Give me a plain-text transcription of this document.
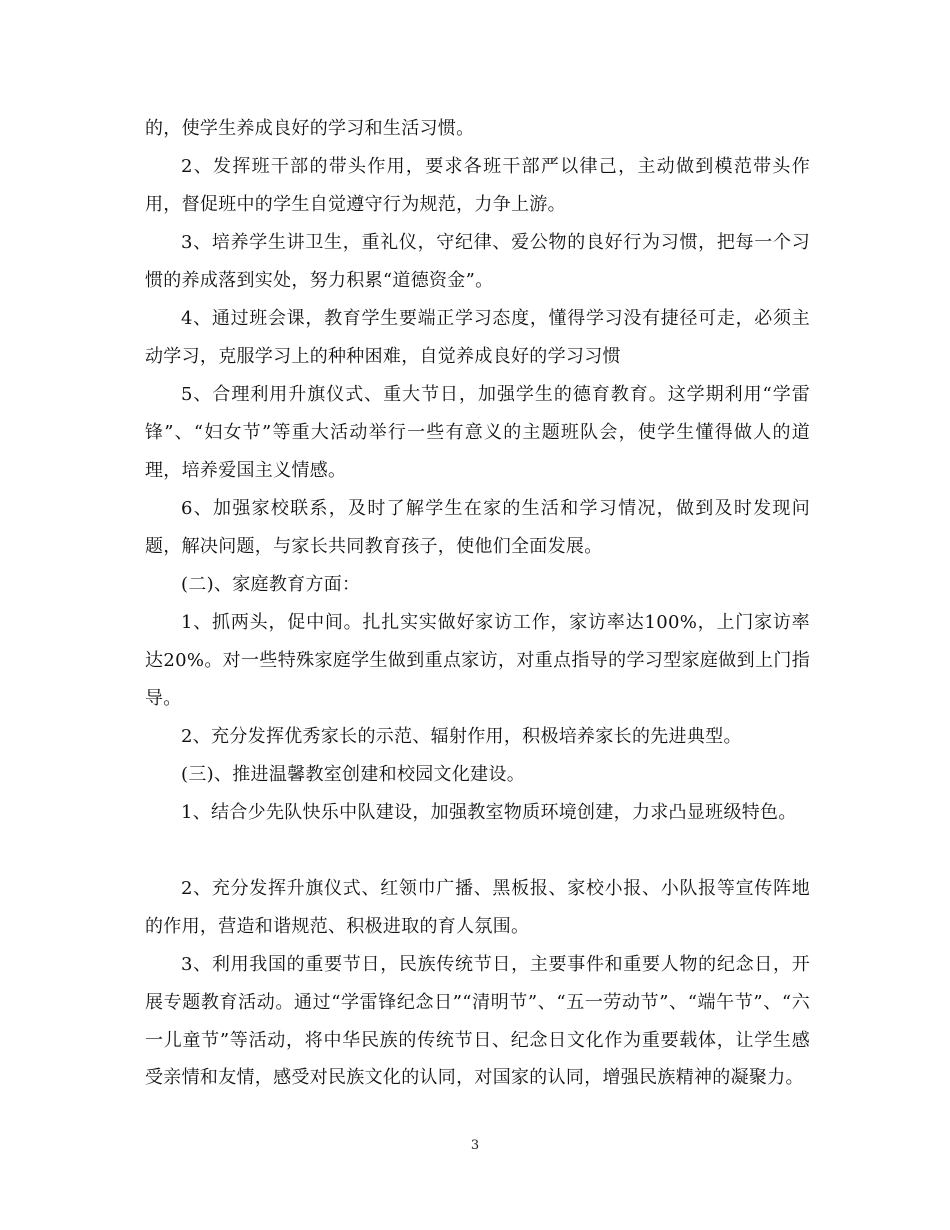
的，使学生养成良好的学习和生活习惯。

2、发挥班干部的带头作用，要求各班干部严以律己，主动做到模范带头作用，督促班中的学生自觉遵守行为规范，力争上游。

3、培养学生讲卫生，重礼仪，守纪律、爱公物的良好行为习惯，把每一个习惯的养成落到实处，努力积累“道德资金”。

4、通过班会课，教育学生要端正学习态度，懂得学习没有捷径可走，必须主动学习，克服学习上的种种困难，自觉养成良好的学习习惯

5、合理利用升旗仪式、重大节日，加强学生的德育教育。这学期利用“学雷锋”、“妇女节”等重大活动举行一些有意义的主题班队会，使学生懂得做人的道理，培养爱国主义情感。

6、加强家校联系，及时了解学生在家的生活和学习情况，做到及时发现问题，解决问题，与家长共同教育孩子，使他们全面发展。

(二)、家庭教育方面：

1、抓两头，促中间。扎扎实实做好家访工作，家访率达100%，上门家访率达20%。对一些特殊家庭学生做到重点家访，对重点指导的学习型家庭做到上门指导。

2、充分发挥优秀家长的示范、辐射作用，积极培养家长的先进典型。

(三)、推进温馨教室创建和校园文化建设。

1、结合少先队快乐中队建设，加强教室物质环境创建，力求凸显班级特色。

2、充分发挥升旗仪式、红领巾广播、黑板报、家校小报、小队报等宣传阵地的作用，营造和谐规范、积极进取的育人氛围。

3、利用我国的重要节日，民族传统节日，主要事件和重要人物的纪念日，开展专题教育活动。通过“学雷锋纪念日”“清明节”、“五一劳动节”、“端午节”、“六一儿童节”等活动，将中华民族的传统节日、纪念日文化作为重要载体，让学生感受亲情和友情，感受对民族文化的认同，对国家的认同，增强民族精神的凝聚力。

3
